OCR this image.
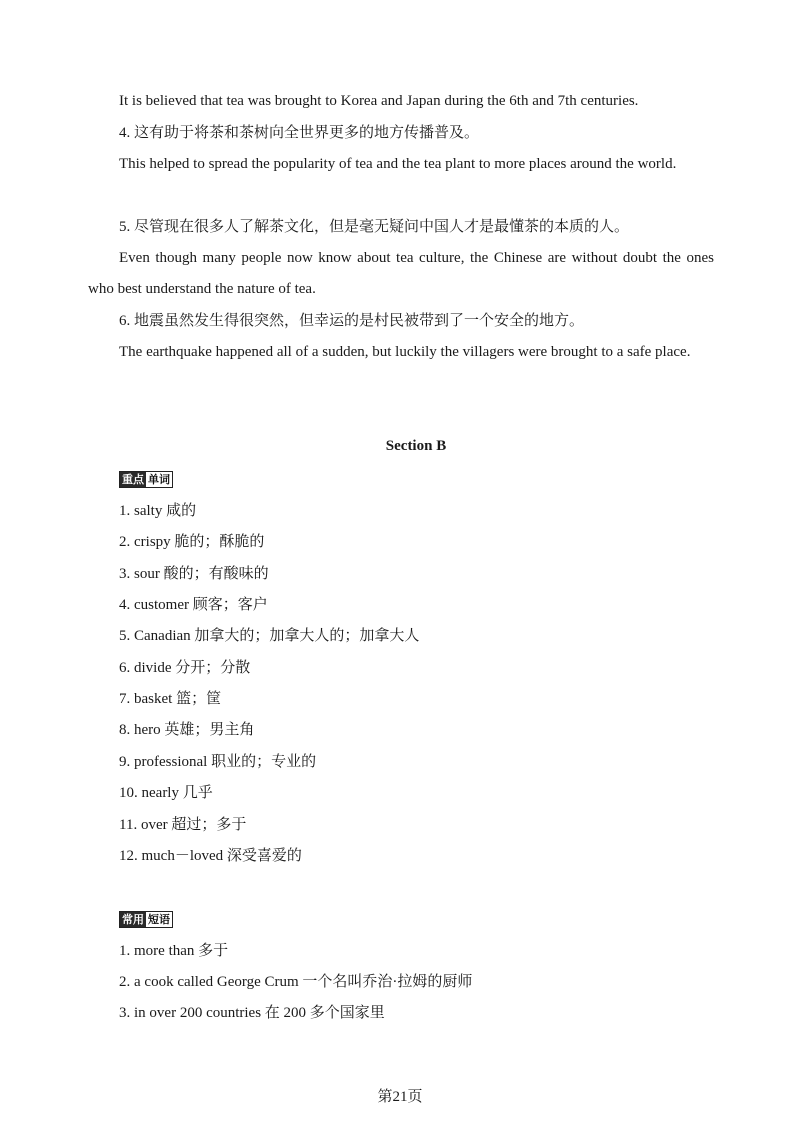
It is believed that tea was brought to Korea and Japan during the 6th and 7th centuries.
4. 这有助于将茶和茶树向全世界更多的地方传播普及。
This helped to spread the popularity of tea and the tea plant to more places around the world.
5. 尽管现在很多人了解茶文化，但是毫无疑问中国人才是最懂茶的本质的人。
Even though many people now know about tea culture, the Chinese are without doubt the ones who best understand the nature of tea.
6. 地震虽然发生得很突然，但幸运的是村民被带到了一个安全的地方。
The earthquake happened all of a sudden, but luckily the villagers were brought to a safe place.
Section B
重点 单词
1. salty 咸的
2. crispy 脆的；酥脆的
3. sour 酸的；有酸味的
4. customer 顾客；客户
5. Canadian 加拿大的；加拿大人的；加拿大人
6. divide 分开；分散
7. basket 篮；筐
8. hero 英雄；男主角
9. professional 职业的；专业的
10. nearly 几乎
11. over 超过；多于
12. much－loved 深受喜爱的
常用 短语
1. more than 多于
2. a cook called George Crum 一个名叫乔治·拉姆的厨师
3. in over 200 countries 在 200 多个国家里
第21页
